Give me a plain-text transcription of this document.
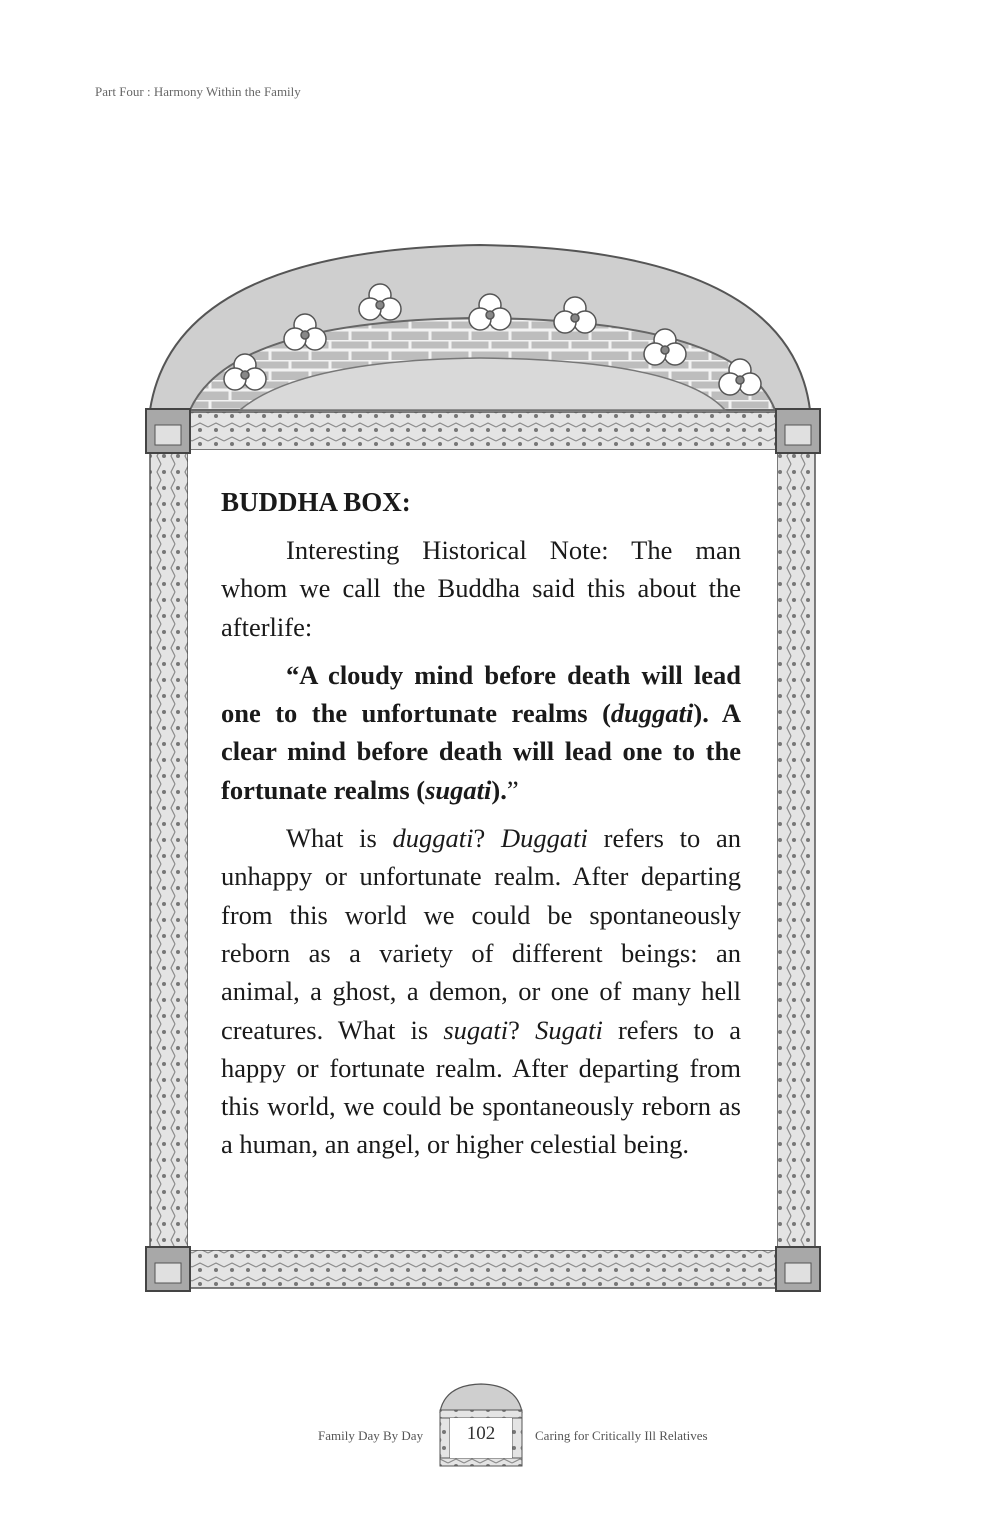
Part Four : Harmony Within the Family
BUDDHA BOX:

Interesting Historical Note: The man whom we call the Buddha said this about the afterlife:

“A cloudy mind before death will lead one to the unfortunate realms (duggati). A clear mind before death will lead one to the fortunate realms (sugati).”

What is duggati? Duggati refers to an unhappy or unfortunate realm. After departing from this world we could be spontaneously reborn as a variety of different beings: an animal, a ghost, a demon, or one of many hell creatures. What is sugati? Sugati refers to a happy or fortunate realm. After departing from this world, we could be spontaneously reborn as a human, an angel, or higher celestial being.

Family Day By Day	102	Caring for Critically Ill Relatives
